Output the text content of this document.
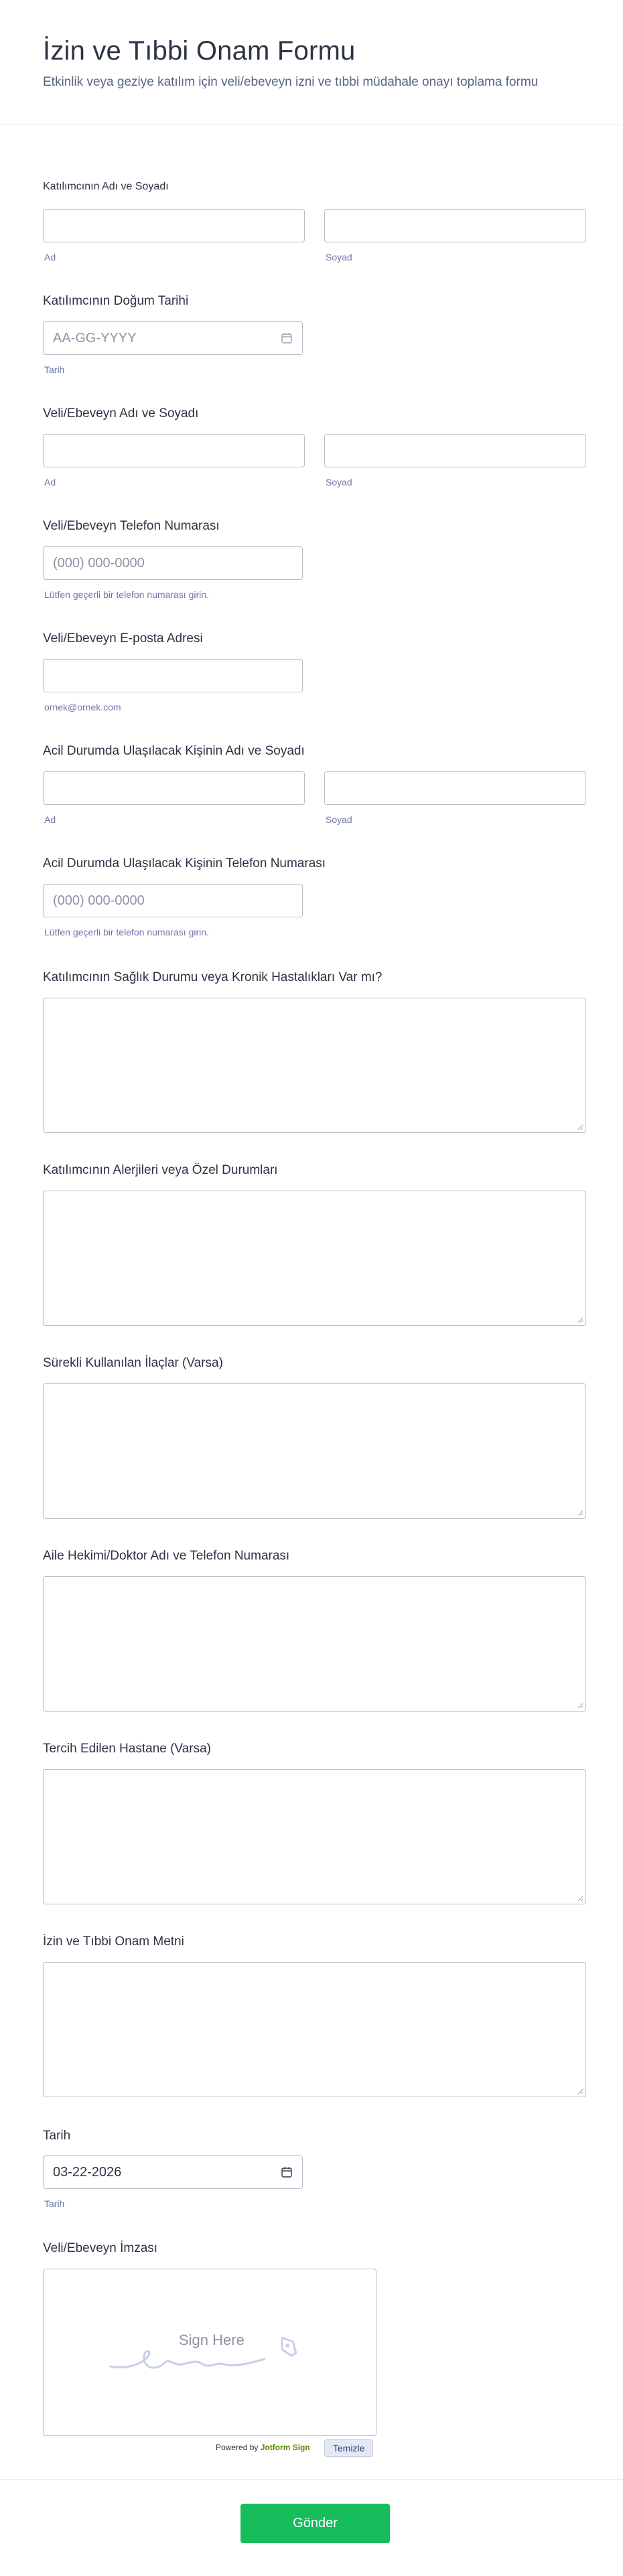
İzin ve Tıbbi Onam Formu

Etkinlik veya geziye katılım için veli/ebeveyn izni ve tıbbi müdahale onayı toplama formu

Katılımcının Adı ve Soyadı
Ad	Soyad
Katılımcının Doğum Tarihi
AA-GG-YYYY
Tarih
Veli/Ebeveyn Adı ve Soyadı
Ad	Soyad
Veli/Ebeveyn Telefon Numarası
(000) 000-0000
Lütfen geçerli bir telefon numarası girin.
Veli/Ebeveyn E-posta Adresi
ornek@ornek.com
Acil Durumda Ulaşılacak Kişinin Adı ve Soyadı
Ad	Soyad
Acil Durumda Ulaşılacak Kişinin Telefon Numarası
(000) 000-0000
Lütfen geçerli bir telefon numarası girin.
Katılımcının Sağlık Durumu veya Kronik Hastalıkları Var mı?
Katılımcının Alerjileri veya Özel Durumları
Sürekli Kullanılan İlaçlar (Varsa)
Aile Hekimi/Doktor Adı ve Telefon Numarası
Tercih Edilen Hastane (Varsa)
İzin ve Tıbbi Onam Metni
Tarih
03-22-2026
Tarih
Veli/Ebeveyn İmzası
Sign Here
Powered by Jotform Sign	Temizle
Gönder
